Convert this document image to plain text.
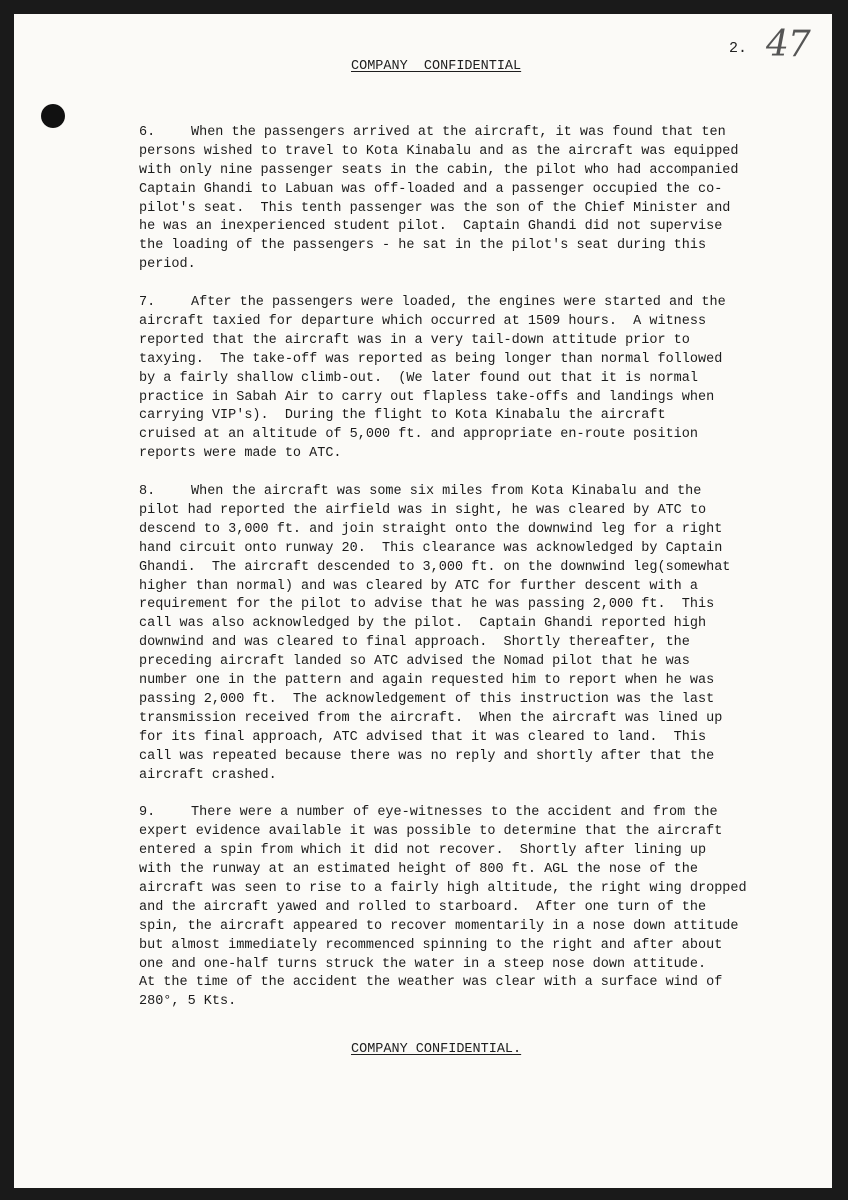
2. 47
COMPANY  CONFIDENTIAL
6.	When the passengers arrived at the aircraft, it was found that ten
persons wished to travel to Kota Kinabalu and as the aircraft was equipped
with only nine passenger seats in the cabin, the pilot who had accompanied
Captain Ghandi to Labuan was off-loaded and a passenger occupied the co-
pilot's seat.  This tenth passenger was the son of the Chief Minister and
he was an inexperienced student pilot.  Captain Ghandi did not supervise
the loading of the passengers - he sat in the pilot's seat during this
period.
7.	After the passengers were loaded, the engines were started and the
aircraft taxied for departure which occurred at 1509 hours.  A witness
reported that the aircraft was in a very tail-down attitude prior to
taxying.  The take-off was reported as being longer than normal followed
by a fairly shallow climb-out.  (We later found out that it is normal
practice in Sabah Air to carry out flapless take-offs and landings when
carrying VIP's).  During the flight to Kota Kinabalu the aircraft
cruised at an altitude of 5,000 ft. and appropriate en-route position
reports were made to ATC.
8.	When the aircraft was some six miles from Kota Kinabalu and the
pilot had reported the airfield was in sight, he was cleared by ATC to
descend to 3,000 ft. and join straight onto the downwind leg for a right
hand circuit onto runway 20.  This clearance was acknowledged by Captain
Ghandi.  The aircraft descended to 3,000 ft. on the downwind leg(somewhat
higher than normal) and was cleared by ATC for further descent with a
requirement for the pilot to advise that he was passing 2,000 ft.  This
call was also acknowledged by the pilot.  Captain Ghandi reported high
downwind and was cleared to final approach.  Shortly thereafter, the
preceding aircraft landed so ATC advised the Nomad pilot that he was
number one in the pattern and again requested him to report when he was
passing 2,000 ft.  The acknowledgement of this instruction was the last
transmission received from the aircraft.  When the aircraft was lined up
for its final approach, ATC advised that it was cleared to land.  This
call was repeated because there was no reply and shortly after that the
aircraft crashed.
9.	There were a number of eye-witnesses to the accident and from the
expert evidence available it was possible to determine that the aircraft
entered a spin from which it did not recover.  Shortly after lining up
with the runway at an estimated height of 800 ft. AGL the nose of the
aircraft was seen to rise to a fairly high altitude, the right wing dropped
and the aircraft yawed and rolled to starboard.  After one turn of the
spin, the aircraft appeared to recover momentarily in a nose down attitude
but almost immediately recommenced spinning to the right and after about
one and one-half turns struck the water in a steep nose down attitude.
At the time of the accident the weather was clear with a surface wind of
280°, 5 Kts.
COMPANY CONFIDENTIAL.
